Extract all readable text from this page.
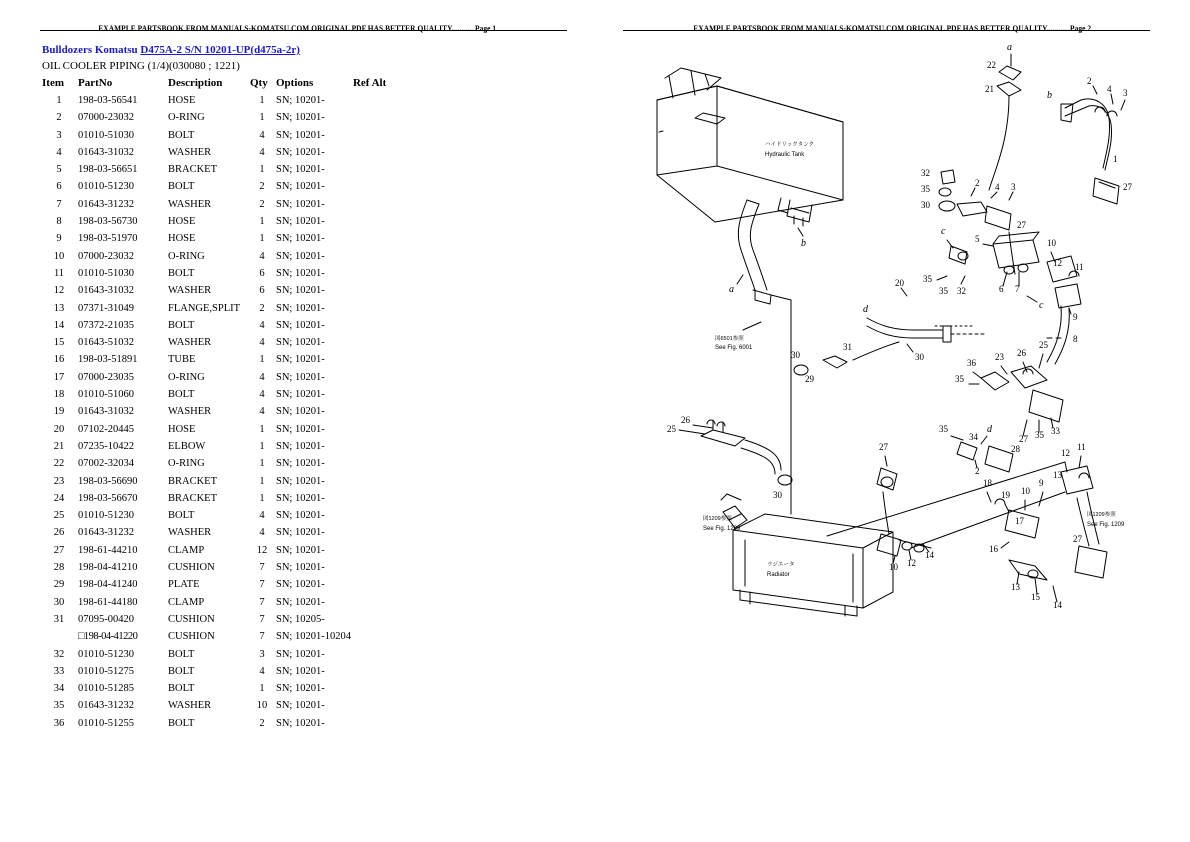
EXAMPLE PARTSBOOK FROM MANUALS-KOMATSU.COM ORIGINAL PDF HAS BETTER QUALITY............Page 1
Bulldozers Komatsu D475A-2 S/N 10201-UP(d475a-2r)
OIL COOLER PIPING (1/4)(030080 ; 1221)
Item	PartNo	Description	Qty	Options	Ref Alt
1	198-03-56541	HOSE	1	SN; 10201-	
2	07000-23032	O-RING	1	SN; 10201-	
3	01010-51030	BOLT	4	SN; 10201-	
4	01643-31032	WASHER	4	SN; 10201-	
5	198-03-56651	BRACKET	1	SN; 10201-	
6	01010-51230	BOLT	2	SN; 10201-	
7	01643-31232	WASHER	2	SN; 10201-	
8	198-03-56730	HOSE	1	SN; 10201-	
9	198-03-51970	HOSE	1	SN; 10201-	
10	07000-23032	O-RING	4	SN; 10201-	
11	01010-51030	BOLT	6	SN; 10201-	
12	01643-31032	WASHER	6	SN; 10201-	
13	07371-31049	FLANGE,SPLIT	2	SN; 10201-	
14	07372-21035	BOLT	4	SN; 10201-	
15	01643-51032	WASHER	4	SN; 10201-	
16	198-03-51891	TUBE	1	SN; 10201-	
17	07000-23035	O-RING	4	SN; 10201-	
18	01010-51060	BOLT	4	SN; 10201-	
19	01643-31032	WASHER	4	SN; 10201-	
20	07102-20445	HOSE	1	SN; 10201-	
21	07235-10422	ELBOW	1	SN; 10201-	
22	07002-32034	O-RING	1	SN; 10201-	
23	198-03-56690	BRACKET	1	SN; 10201-	
24	198-03-56670	BRACKET	1	SN; 10201-	
25	01010-51230	BOLT	4	SN; 10201-	
26	01643-31232	WASHER	4	SN; 10201-	
27	198-61-44210	CLAMP	12	SN; 10201-	
28	198-04-41210	CUSHION	7	SN; 10201-	
29	198-04-41240	PLATE	7	SN; 10201-	
30	198-61-44180	CLAMP	7	SN; 10201-	
31	07095-00420	CUSHION	7	SN; 10205-	
	□198-04-41220	CUSHION	7	SN; 10201-10204	
32	01010-51230	BOLT	3	SN; 10201-	
33	01010-51275	BOLT	4	SN; 10201-	
34	01010-51285	BOLT	1	SN; 10201-	
35	01643-31232	WASHER	10	SN; 10201-	
36	01010-51255	BOLT	2	SN; 10201-	
EXAMPLE PARTSBOOK FROM MANUALS-KOMATSU.COM ORIGINAL PDF HAS BETTER QUALITY............Page 2
ハイドリックタンク
Hydraulic Tank
a
b
ラジエータ
Radiator
25
26
30
図1209参照
See Fig. 1209
図6501参照
See Fig. 6001
d
20
30
29
31
30
8
b
2
4 3
1
27
22
21
a
32
35
30
2 4 3
27
c
35
35 32
5
6 7
10
12 11
9
c
36
23 26
25
35
33
35
27
34
35	d
2
28
27
10 12
14
18
19 10
9
13
17
16
13
15
14
12
11
27
図1209参照
See Fig. 1209
